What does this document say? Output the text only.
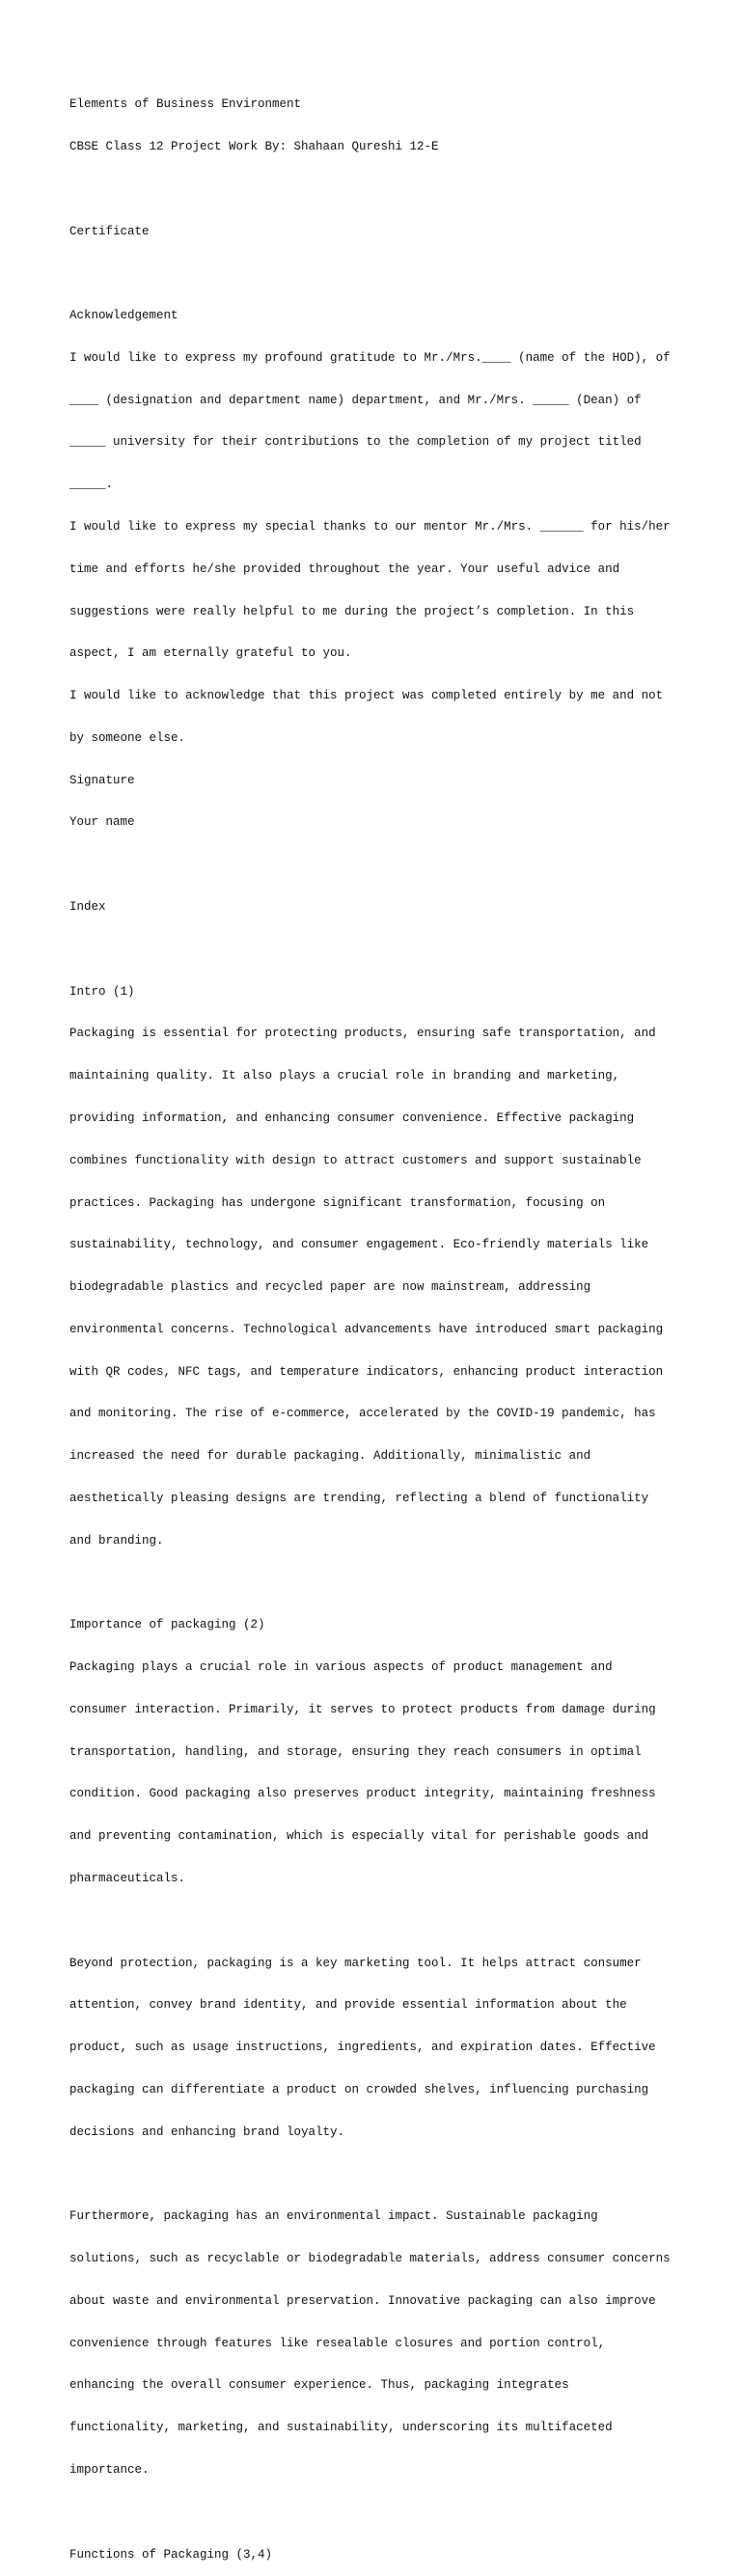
Elements of Business Environment

CBSE Class 12 Project Work By: Shahaan Qureshi 12-E

Certificate

Acknowledgement

I would like to express my profound gratitude to Mr./Mrs.____ (name of the HOD), of

____ (designation and department name) department, and Mr./Mrs. _____ (Dean) of

_____ university for their contributions to the completion of my project titled

_____.

I would like to express my special thanks to our mentor Mr./Mrs. ______ for his/her

time and efforts he/she provided throughout the year. Your useful advice and

suggestions were really helpful to me during the project’s completion. In this

aspect, I am eternally grateful to you.

I would like to acknowledge that this project was completed entirely by me and not

by someone else.

Signature

Your name

Index

Intro (1)

Packaging is essential for protecting products, ensuring safe transportation, and

maintaining quality. It also plays a crucial role in branding and marketing,

providing information, and enhancing consumer convenience. Effective packaging

combines functionality with design to attract customers and support sustainable

practices. Packaging has undergone significant transformation, focusing on

sustainability, technology, and consumer engagement. Eco-friendly materials like

biodegradable plastics and recycled paper are now mainstream, addressing

environmental concerns. Technological advancements have introduced smart packaging

with QR codes, NFC tags, and temperature indicators, enhancing product interaction

and monitoring. The rise of e-commerce, accelerated by the COVID-19 pandemic, has

increased the need for durable packaging. Additionally, minimalistic and

aesthetically pleasing designs are trending, reflecting a blend of functionality

and branding.

Importance of packaging (2)

Packaging plays a crucial role in various aspects of product management and

consumer interaction. Primarily, it serves to protect products from damage during

transportation, handling, and storage, ensuring they reach consumers in optimal

condition. Good packaging also preserves product integrity, maintaining freshness

and preventing contamination, which is especially vital for perishable goods and

pharmaceuticals.

Beyond protection, packaging is a key marketing tool. It helps attract consumer

attention, convey brand identity, and provide essential information about the

product, such as usage instructions, ingredients, and expiration dates. Effective

packaging can differentiate a product on crowded shelves, influencing purchasing

decisions and enhancing brand loyalty.

Furthermore, packaging has an environmental impact. Sustainable packaging

solutions, such as recyclable or biodegradable materials, address consumer concerns

about waste and environmental preservation. Innovative packaging can also improve

convenience through features like resealable closures and portion control,

enhancing the overall consumer experience. Thus, packaging integrates

functionality, marketing, and sustainability, underscoring its multifaceted

importance.

Functions of Packaging (3,4)
